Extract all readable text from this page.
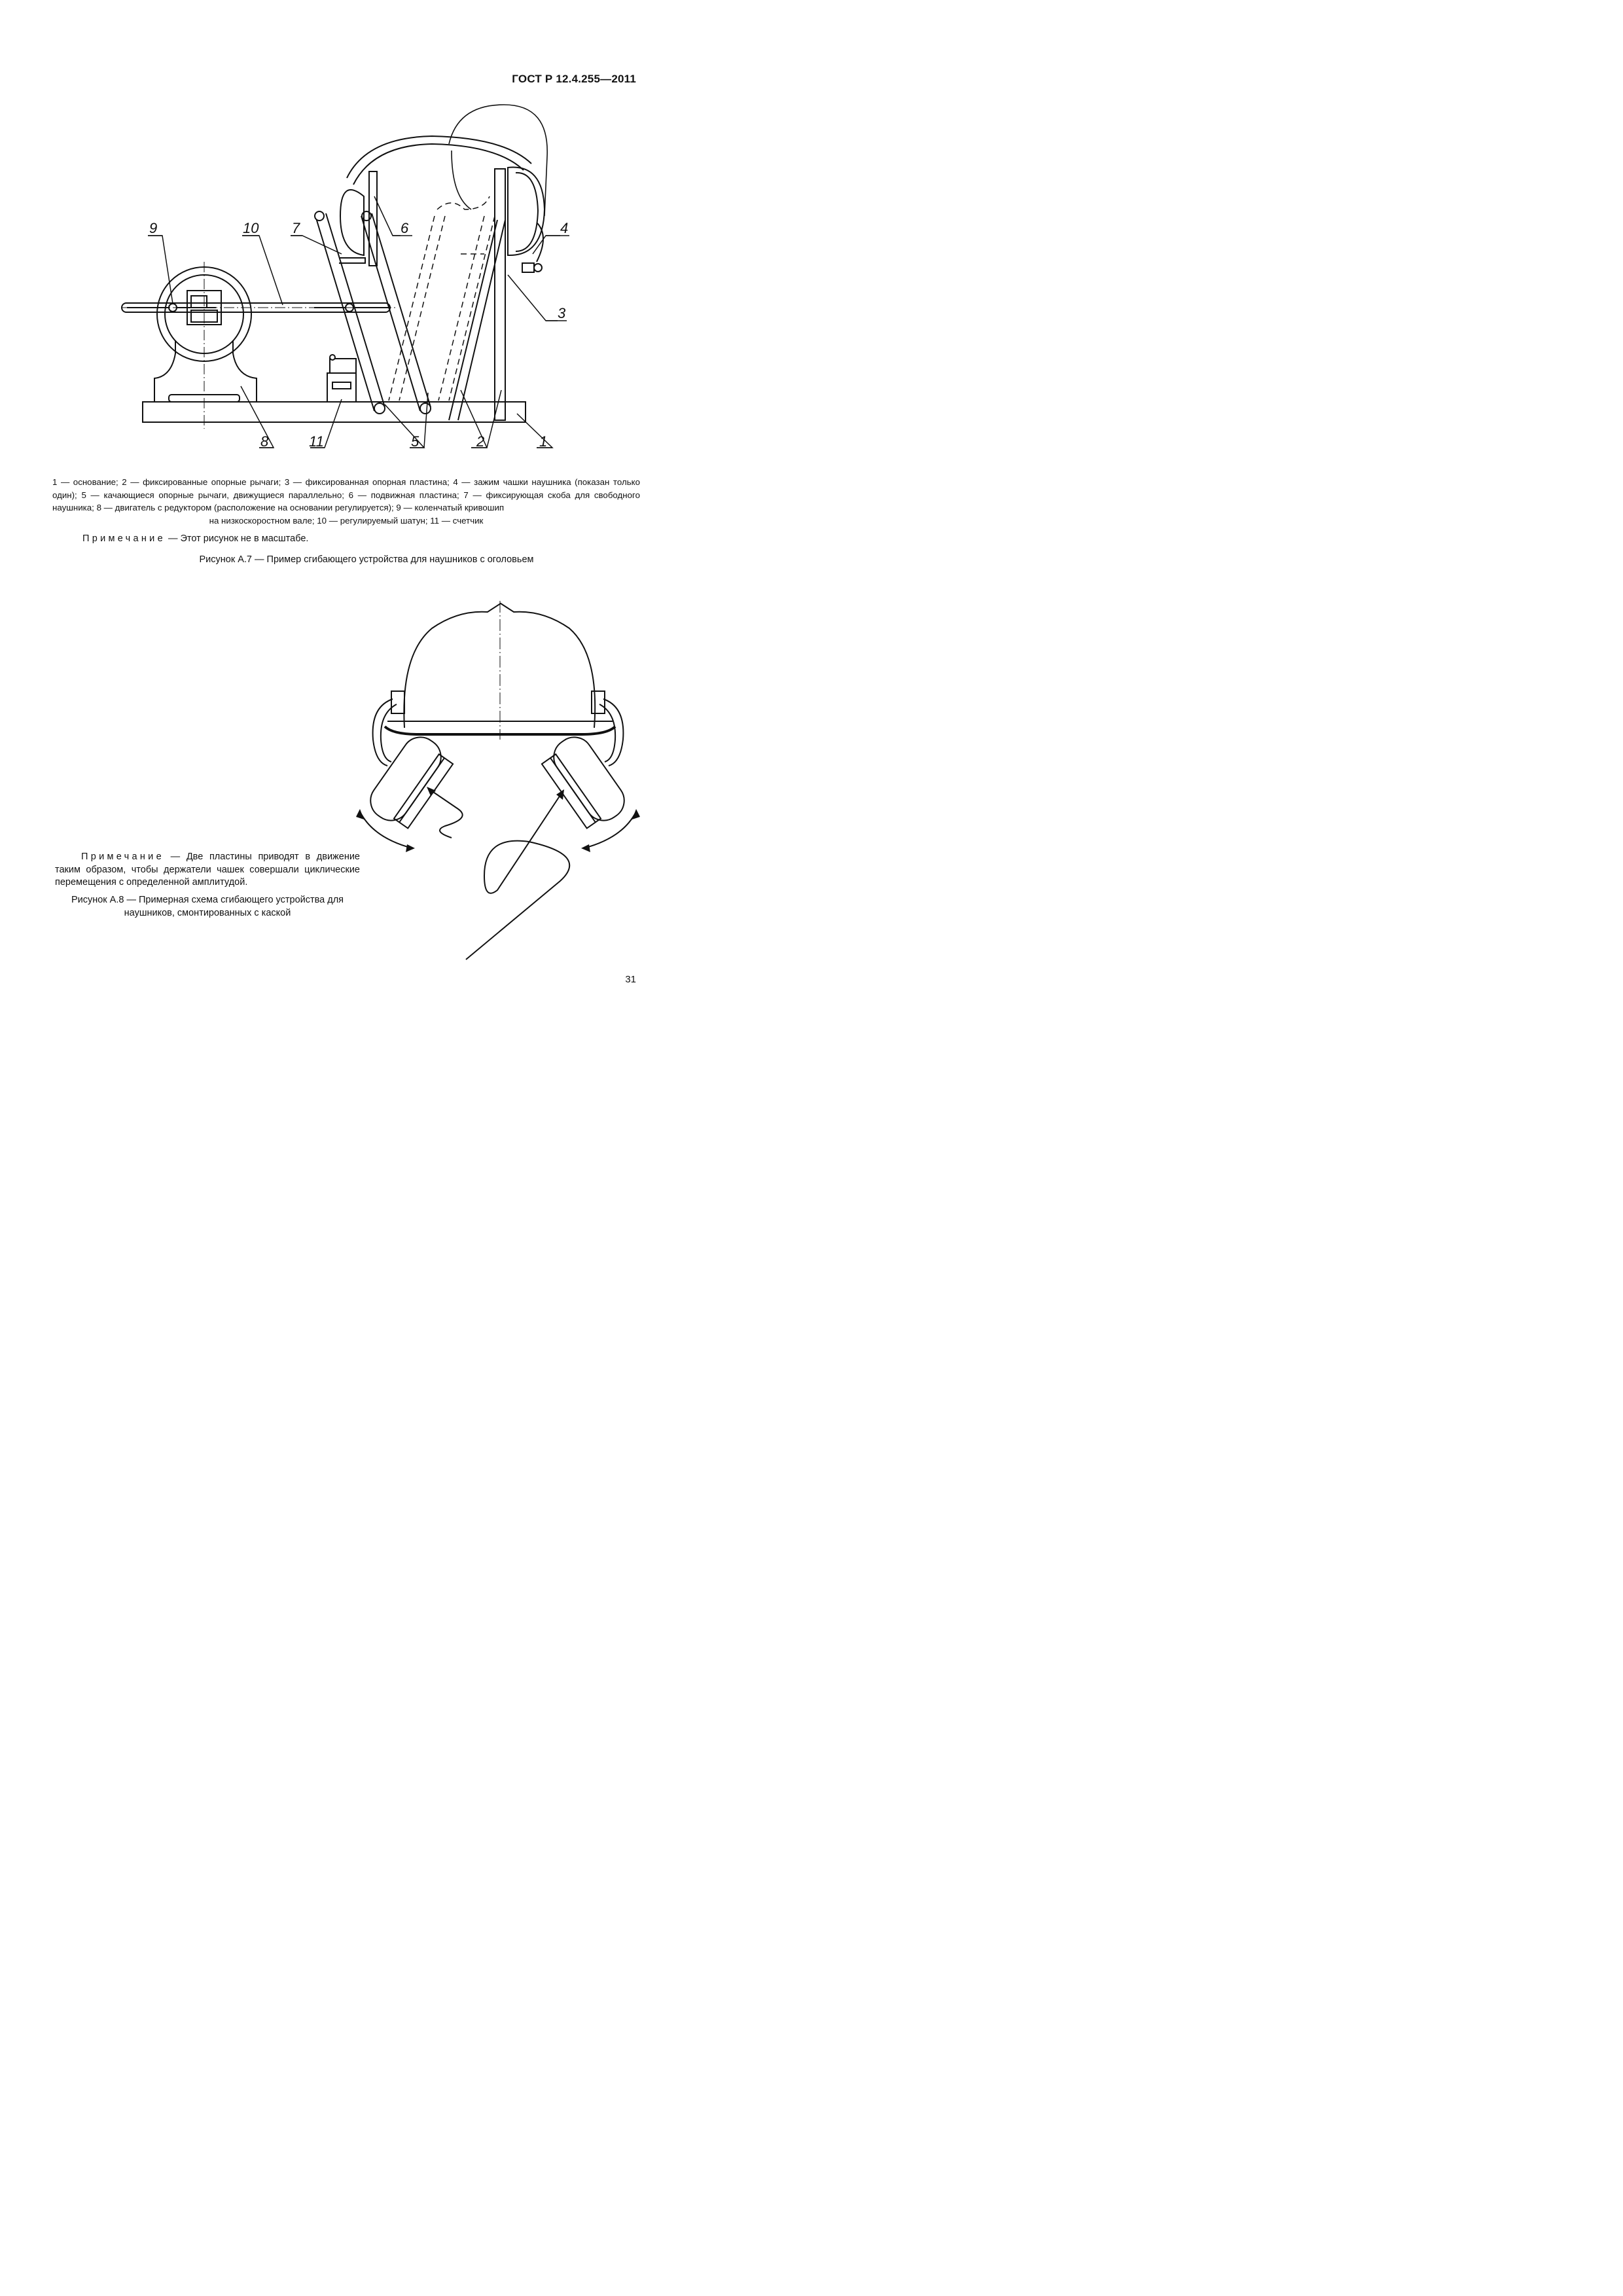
ГОСТ Р 12.4.255—2011
9	10 7	6	4
3
8	11	5	2	1
1 — основание; 2 — фиксированные опорные рычаги; 3 — фиксированная опорная пластина; 4 — зажим чашки наушника (показан только один); 5 — качающиеся опорные рычаги, движущиеся параллельно; 6 — подвижная пластина; 7 — фиксирующая скоба для свободного наушника; 8 — двигатель с редуктором (расположение на основании регулируется); 9 — коленчатый кривошип
на низкоскоростном вале; 10 — регулируемый шатун; 11 — счетчик
Примечание — Этот рисунок не в масштабе.
Рисунок А.7 — Пример сгибающего устройства для наушников с оголовьем
Примечание — Две пластины приводят в движение таким образом, чтобы держатели чашек совершали циклические перемещения с определенной амплитудой.
Рисунок А.8 — Примерная схема сгибающего устройства для наушников, смонтированных с каской
31
